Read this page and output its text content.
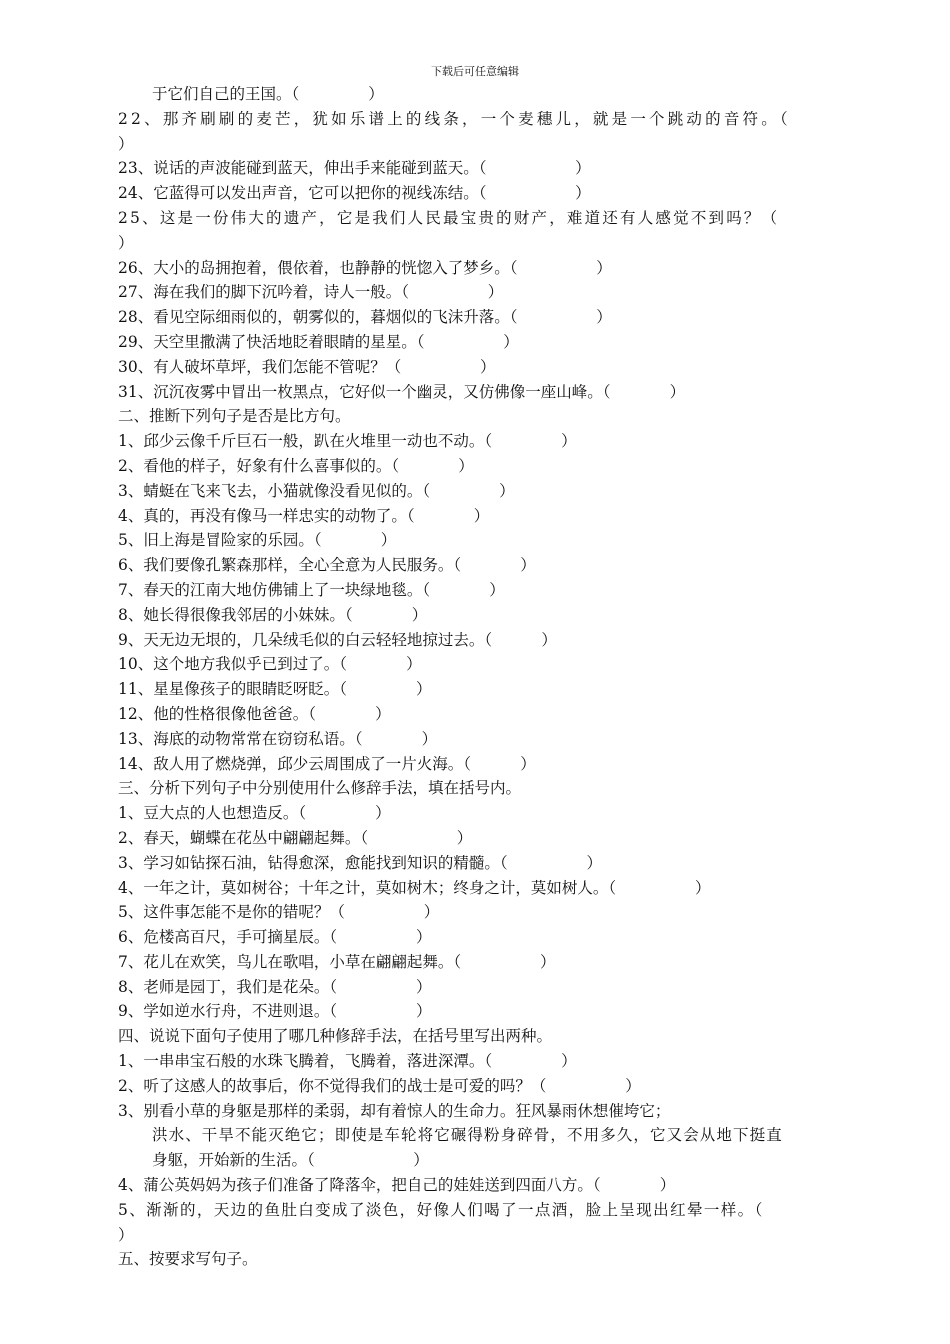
下载后可任意编辑
于它们自己的王国。（              ）
22、那齐刷刷的麦芒，犹如乐谱上的线条，一个麦穗儿，就是一个跳动的音符。（
）
23、说话的声波能碰到蓝天，伸出手来能碰到蓝天。（                  ）
24、它蓝得可以发出声音，它可以把你的视线冻结。（                  ）
25、这是一份伟大的遗产，它是我们人民最宝贵的财产，难道还有人感觉不到吗？（
）
26、大小的岛拥抱着，偎依着，也静静的恍惚入了梦乡。（                ）
27、海在我们的脚下沉吟着，诗人一般。（                ）
28、看见空际细雨似的，朝雾似的，暮烟似的飞沫升落。（                ）
29、天空里撒满了快活地眨着眼睛的星星。（                ）
30、有人破坏草坪，我们怎能不管呢？（                ）
31、沉沉夜雾中冒出一枚黑点，它好似一个幽灵，又仿佛像一座山峰。（            ）
二、推断下列句子是否是比方句。
1、邱少云像千斤巨石一般，趴在火堆里一动也不动。（              ）
2、看他的样子，好象有什么喜事似的。（            ）
3、蜻蜓在飞来飞去，小猫就像没看见似的。（              ）
4、真的，再没有像马一样忠实的动物了。（            ）
5、旧上海是冒险家的乐园。（            ）
6、我们要像孔繁森那样，全心全意为人民服务。（            ）
7、春天的江南大地仿佛铺上了一块绿地毯。（            ）
8、她长得很像我邻居的小妹妹。（            ）
9、天无边无垠的，几朵绒毛似的白云轻轻地掠过去。（          ）
10、这个地方我似乎已到过了。（            ）
11、星星像孩子的眼睛眨呀眨。（              ）
12、他的性格很像他爸爸。（            ）
13、海底的动物常常在窃窃私语。（            ）
14、敌人用了燃烧弹，邱少云周围成了一片火海。（          ）
三、分析下列句子中分别使用什么修辞手法，填在括号内。
1、豆大点的人也想造反。（              ）
2、春天，蝴蝶在花丛中翩翩起舞。（                  ）
3、学习如钻探石油，钻得愈深，愈能找到知识的精髓。（                ）
4、一年之计，莫如树谷；十年之计，莫如树木；终身之计，莫如树人。（                ）
5、这件事怎能不是你的错呢？（                ）
6、危楼高百尺，手可摘星辰。（                ）
7、花儿在欢笑，鸟儿在歌唱，小草在翩翩起舞。（                ）
8、老师是园丁，我们是花朵。（                ）
9、学如逆水行舟，不进则退。（                ）
四、说说下面句子使用了哪几种修辞手法，在括号里写出两种。
1、一串串宝石般的水珠飞腾着，飞腾着，落进深潭。（              ）
2、听了这感人的故事后，你不觉得我们的战士是可爱的吗？（                ）
3、别看小草的身躯是那样的柔弱，却有着惊人的生命力。狂风暴雨休想催垮它；
洪水、干旱不能灭绝它；即使是车轮将它碾得粉身碎骨，不用多久，它又会从地下挺直
身躯，开始新的生活。（                    ）
4、蒲公英妈妈为孩子们准备了降落伞，把自己的娃娃送到四面八方。（            ）
5、渐渐的，天边的鱼肚白变成了淡色，好像人们喝了一点酒，脸上呈现出红晕一样。（
）
五、按要求写句子。
